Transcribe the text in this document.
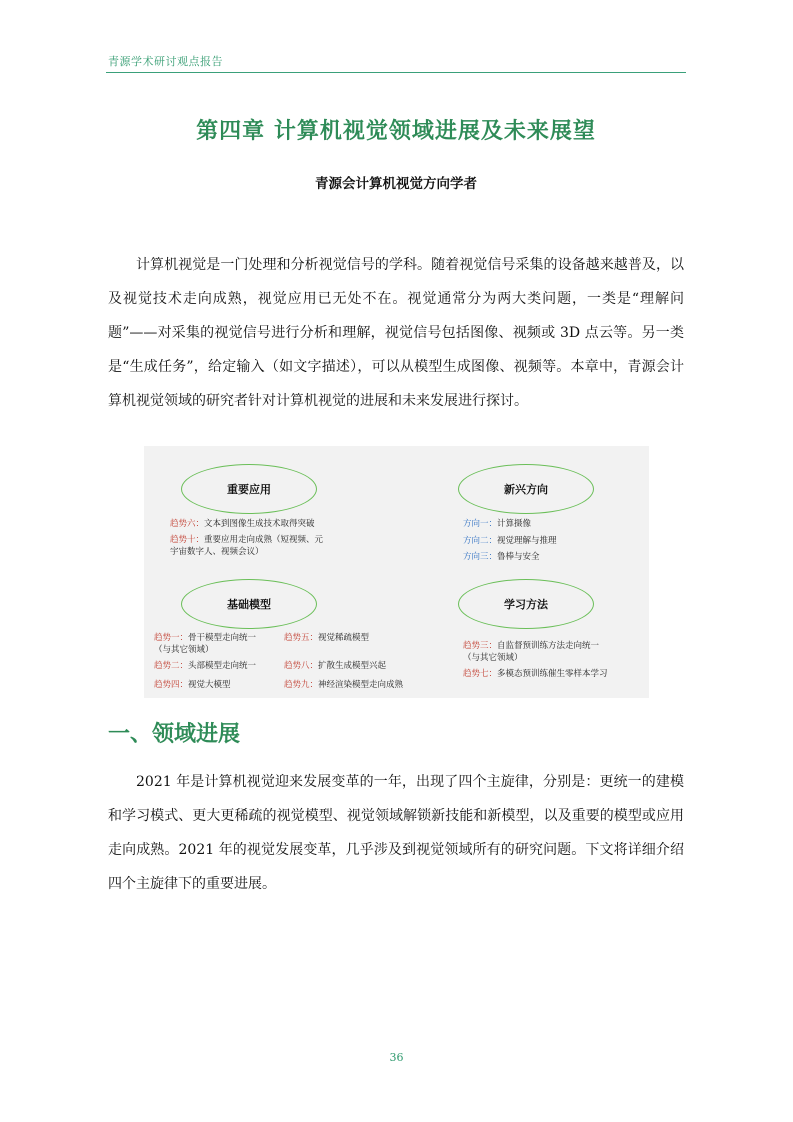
青源学术研讨观点报告
第四章 计算机视觉领域进展及未来展望
青源会计算机视觉方向学者

计算机视觉是一门处理和分析视觉信号的学科。随着视觉信号采集的设备越来越普及，以及视觉技术走向成熟，视觉应用已无处不在。视觉通常分为两大类问题，一类是“理解问题”——对采集的视觉信号进行分析和理解，视觉信号包括图像、视频或 3D 点云等。另一类是“生成任务”，给定输入（如文字描述），可以从模型生成图像、视频等。本章中，青源会计算机视觉领域的研究者针对计算机视觉的进展和未来发展进行探讨。

重要应用	新兴方向
基础模型	学习方法
趋势六：文本到图像生成技术取得突破
趋势十：重要应用走向成熟（短视频、元
宇宙数字人、视频会议）
方向一：计算摄像
方向二：视觉理解与推理
方向三：鲁棒与安全
趋势一：骨干模型走向统一
（与其它领域）
趋势二：头部模型走向统一
趋势四：视觉大模型
趋势五：视觉稀疏模型
趋势八：扩散生成模型兴起
趋势九：神经渲染模型走向成熟
趋势三：自监督预训练方法走向统一
（与其它领域）
趋势七：多模态预训练催生零样本学习
一、领域进展

2021 年是计算机视觉迎来发展变革的一年，出现了四个主旋律，分别是：更统一的建模和学习模式、更大更稀疏的视觉模型、视觉领域解锁新技能和新模型，以及重要的模型或应用走向成熟。2021 年的视觉发展变革，几乎涉及到视觉领域所有的研究问题。下文将详细介绍四个主旋律下的重要进展。

36
